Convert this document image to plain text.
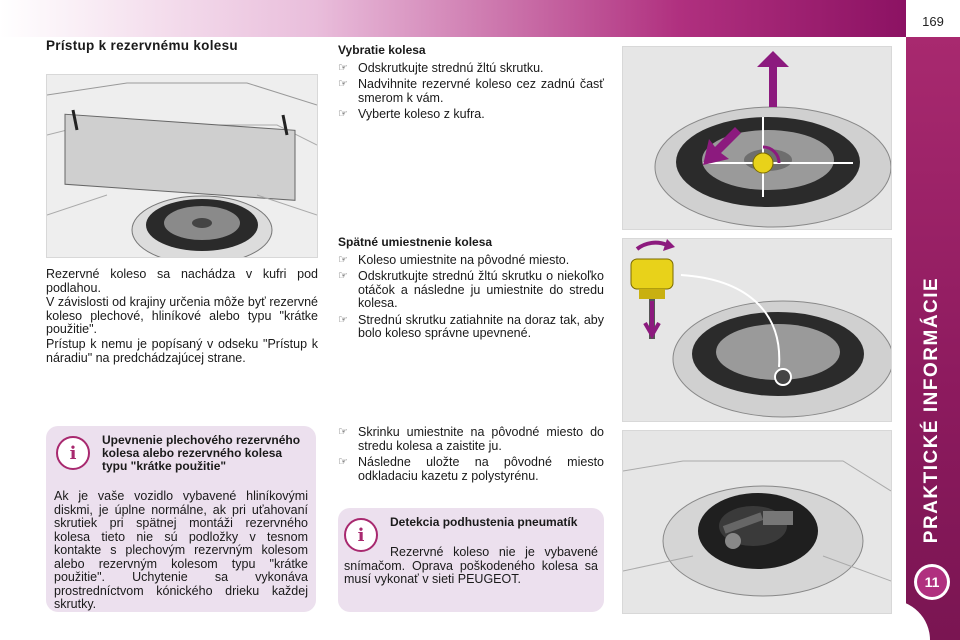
169
PRAKTICKÉ INFORMÁCIE
11
Prístup k rezervnému kolesu

Rezervné koleso sa nachádza v kufri pod podlahou.

V závislosti od krajiny určenia môže byť rezervné koleso plechové, hliníkové alebo typu "krátke použitie".

Prístup k nemu je popísaný v odseku "Prístup k náradiu" na predchádzajúcej strane.

i
Upevnenie plechového rezervného kolesa alebo rezervného kolesa typu "krátke použitie"
Ak je vaše vozidlo vybavené hliníkovými diskmi, je úplne normálne, ak pri uťahovaní skrutiek pri spätnej montáži rezervného kolesa tieto nie sú podložky v tesnom kontakte s plechovým rezervným kolesom alebo rezervným kolesom typu "krátke použitie". Uchytenie sa vykonáva prostredníctvom kónického drieku každej skrutky.

Vybratie kolesa

☞ Odskrutkujte strednú žltú skrutku.
☞ Nadvihnite rezervné koleso cez zadnú časť smerom k vám.
☞ Vyberte koleso z kufra.

Spätné umiestnenie kolesa

☞ Koleso umiestnite na pôvodné miesto.
☞ Odskrutkujte strednú žltú skrutku o niekoľko otáčok a následne ju umiestnite do stredu kolesa.
☞ Strednú skrutku zatiahnite na doraz tak, aby bolo koleso správne upevnené.
☞ Skrinku umiestnite na pôvodné miesto do stredu kolesa a zaistite ju.
☞ Následne uložte na pôvodné miesto odkladaciu kazetu z polystyrénu.
i
Detekcia podhustenia pneumatík
Rezervné koleso nie je vybavené snímačom. Oprava poškodeného kolesa sa musí vykonať v sieti PEUGEOT.
